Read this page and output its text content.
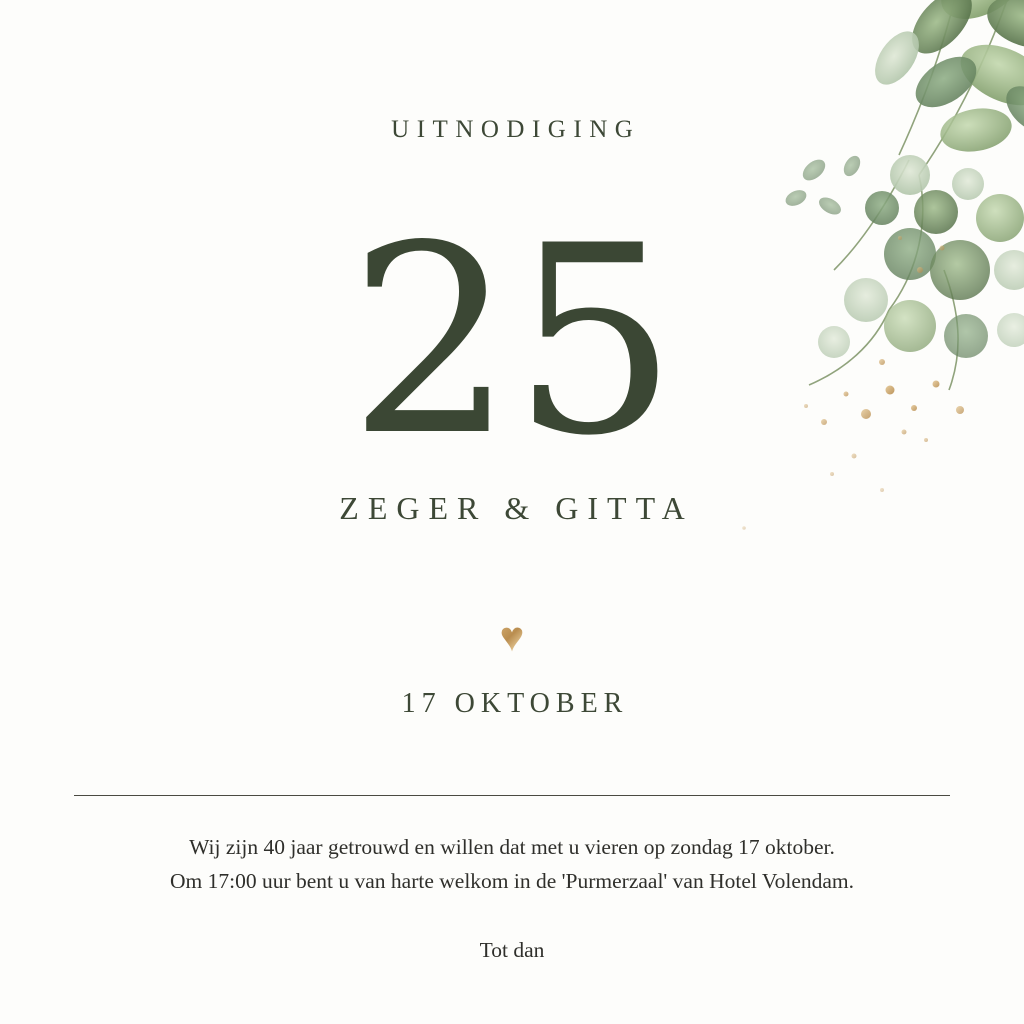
UITNODIGING
25
ZEGER & GITTA
♥
17 OKTOBER
Wij zijn 40 jaar getrouwd en willen dat met u vieren op zondag 17 oktober.
Om 17:00 uur bent u van harte welkom in de 'Purmerzaal' van Hotel Volendam.
Tot dan
